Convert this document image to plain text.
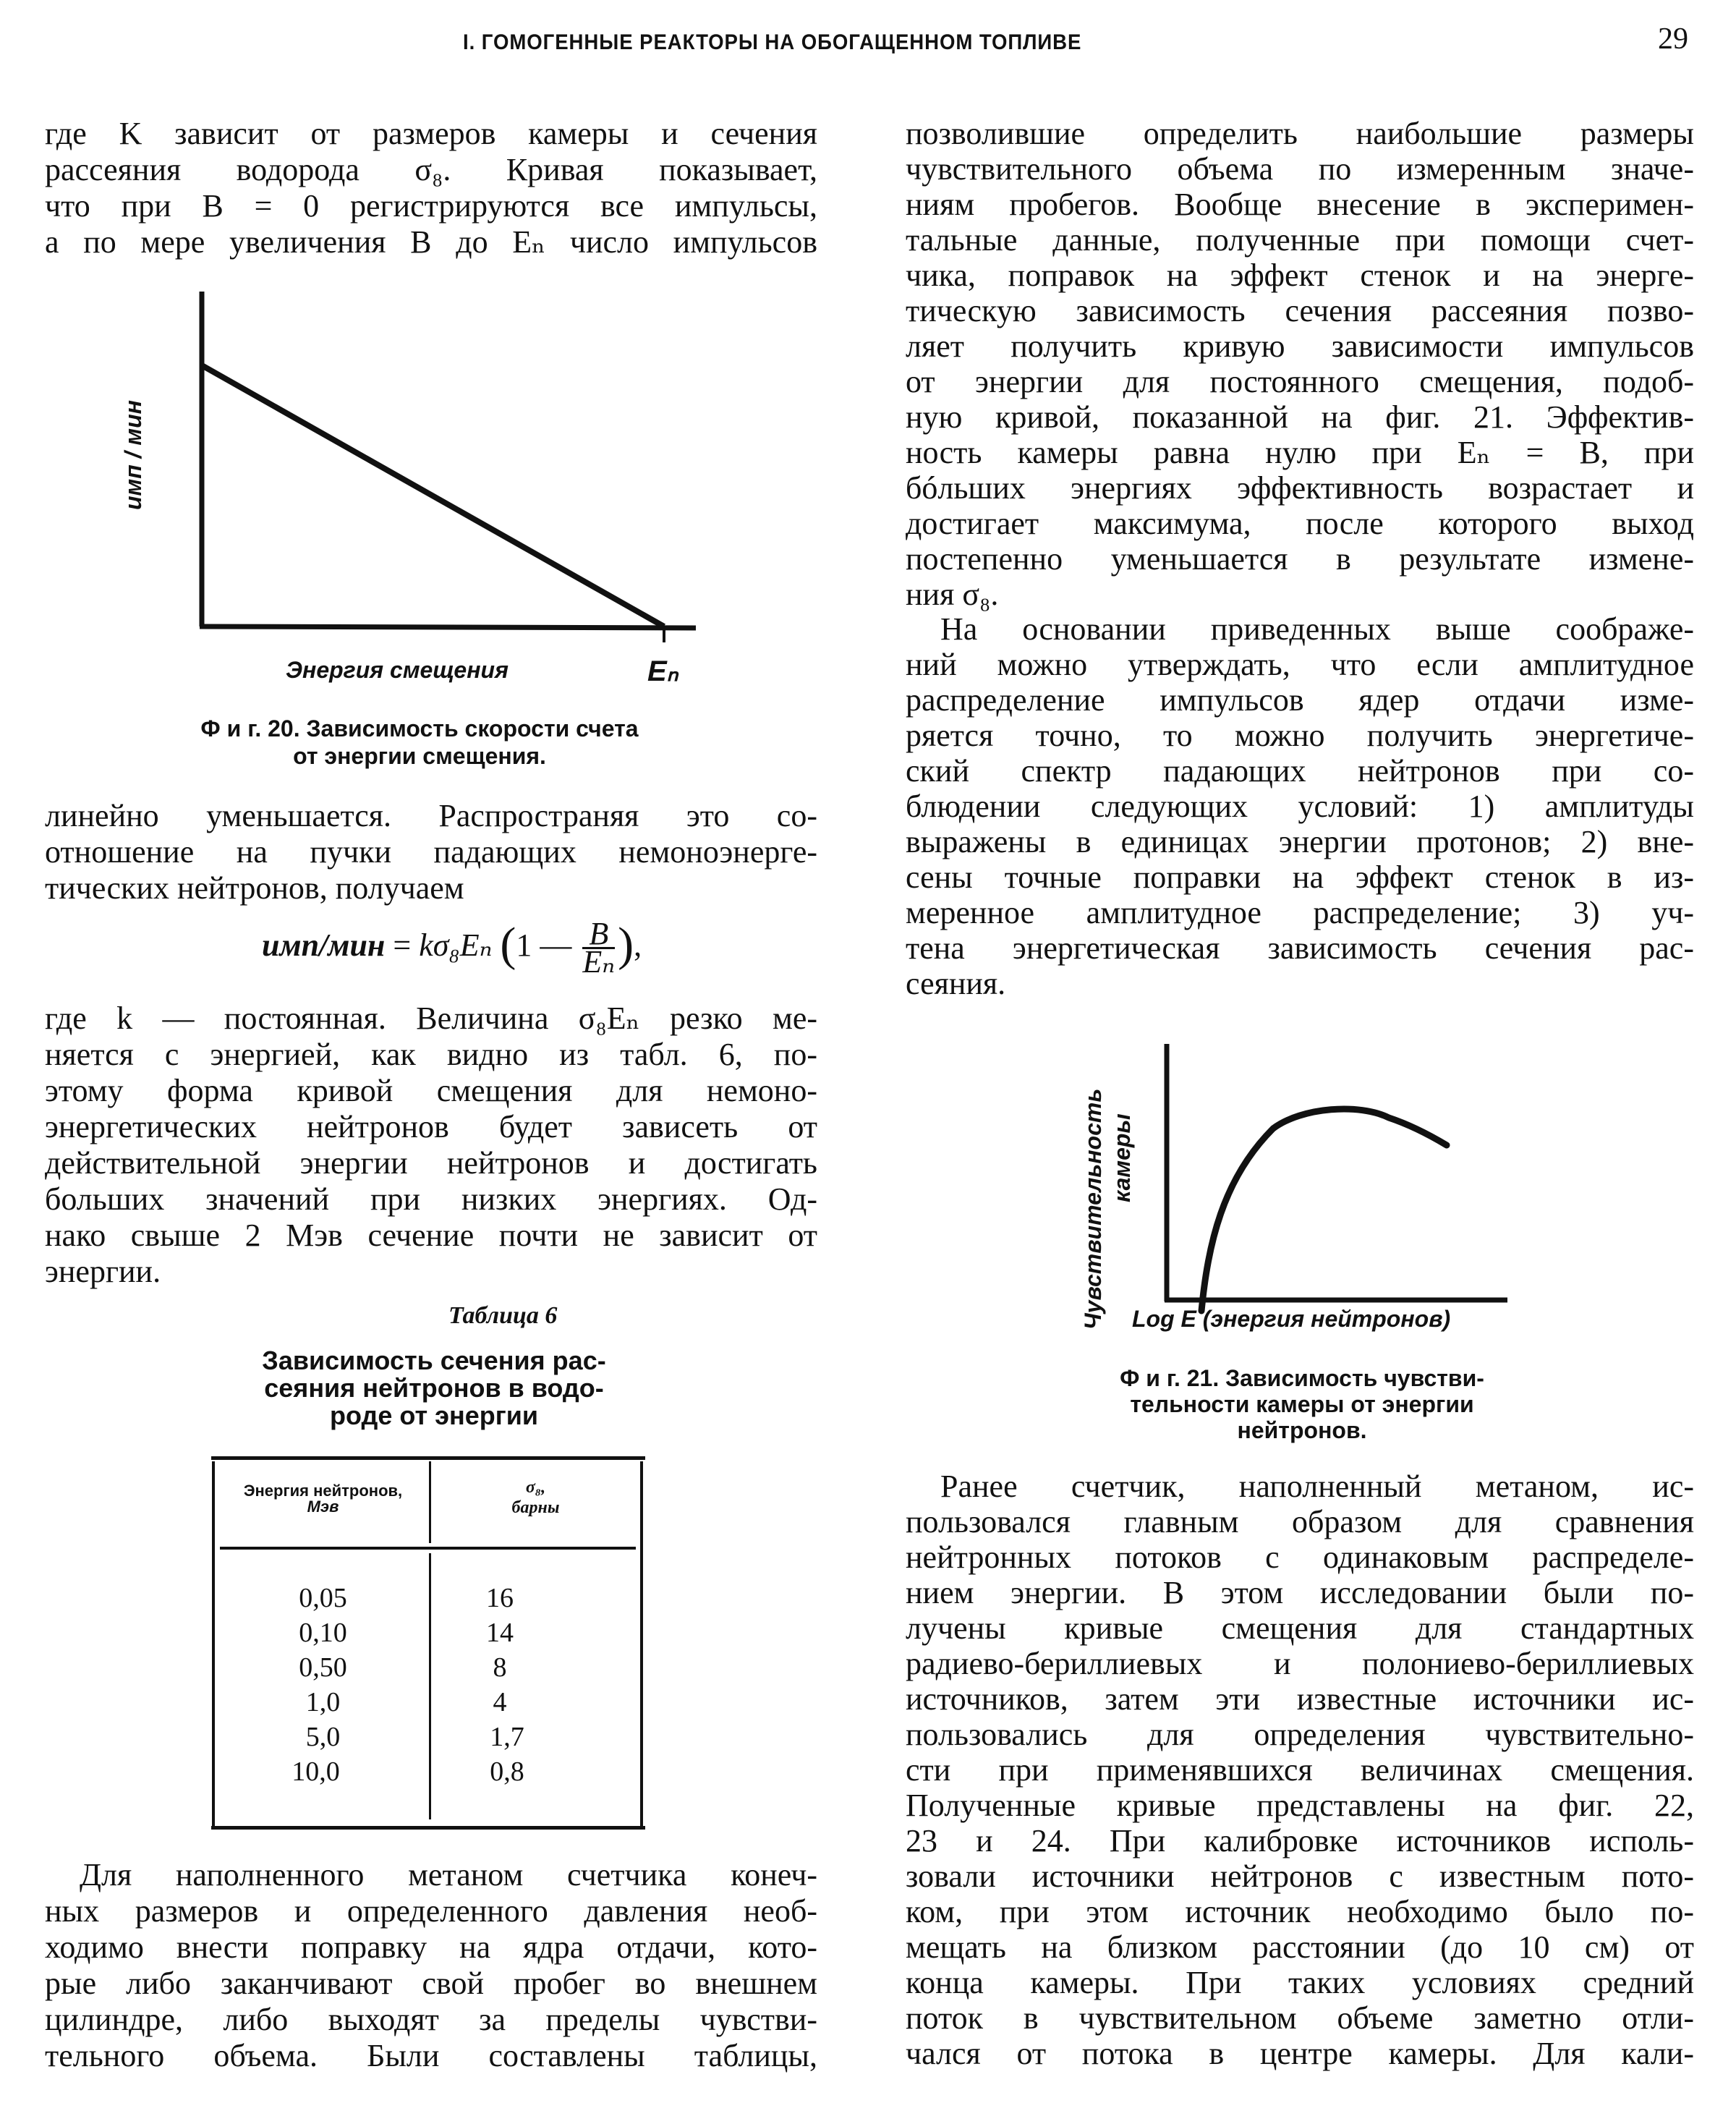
I. ГОМОГЕННЫЕ РЕАКТОРЫ НА ОБОГАЩЕННОМ ТОПЛИВЕ	29
где K зависит от размеров камеры и сечения
рассеяния водорода σ₈. Кривая показывает,
что при B = 0 регистрируются все импульсы,
а по мере увеличения B до Eₙ число импульсов
имп / мин
Энергия смещения	Eₙ
Ф и г. 20. Зависимость скорости счета
от энергии смещения.
линейно уменьшается. Распространяя это со-
отношение на пучки падающих немоноэнерге-
тических нейтронов, получаем
имп/мин = kσ₈Eₙ (1 — $\frac{B}{\text{Eₙ}}$ ),
где k — постоянная. Величина σ₈Eₙ резко ме-
няется с энергией, как видно из табл. 6, по-
этому форма кривой смещения для немоно-
энергетических нейтронов будет зависеть от
действительной энергии нейтронов и достигать
больших значений при низких энергиях. Од-
нако свыше 2 Мэв сечение почти не зависит от
энергии.
Таблица 6
Зависимость сечения рас-
сеяния нейтронов в водо-
роде от энергии
Энергия нейтронов,
Мэв
σ₈,
барны
0,05	16
0,10	14
0,50	8
1,0	4
5,0	1,7
10,0	0,8
Для наполненного метаном счетчика конеч-
ных размеров и определенного давления необ-
ходимо внести поправку на ядра отдачи, кото-
рые либо заканчивают свой пробег во внешнем
цилиндре, либо выходят за пределы чувстви-
тельного объема. Были составлены таблицы,
позволившие определить наибольшие размеры
чувствительного объема по измеренным значе-
ниям пробегов. Вообще внесение в эксперимен-
тальные данные, полученные при помощи счет-
чика, поправок на эффект стенок и на энерге-
тическую зависимость сечения рассеяния позво-
ляет получить кривую зависимости импульсов
от энергии для постоянного смещения, подоб-
ную кривой, показанной на фиг. 21. Эффектив-
ность камеры равна нулю при Eₙ = B, при
бóльших энергиях эффективность возрастает и
достигает максимума, после которого выход
постепенно уменьшается в результате измене-
ния σ₈.
На основании приведенных выше соображе-
ний можно утверждать, что если амплитудное
распределение импульсов ядер отдачи изме-
ряется точно, то можно получить энергетиче-
ский спектр падающих нейтронов при со-
блюдении следующих условий: 1) амплитуды
выражены в единицах энергии протонов; 2) вне-
сены точные поправки на эффект стенок в из-
меренное амплитудное распределение; 3) уч-
тена энергетическая зависимость сечения рас-
сеяния.
Чувствительность камеры
Log E (энергия нейтронов)
Ф и г. 21. Зависимость чувстви-
тельности камеры от энергии
нейтронов.
Ранее счетчик, наполненный метаном, ис-
пользовался главным образом для сравнения
нейтронных потоков с одинаковым распределе-
нием энергии. В этом исследовании были по-
лучены кривые смещения для стандартных
радиево-бериллиевых и полониево-бериллиевых
источников, затем эти известные источники ис-
пользовались для определения чувствительно-
сти при применявшихся величинах смещения.
Полученные кривые представлены на фиг. 22,
23 и 24. При калибровке источников исполь-
зовали источники нейтронов с известным пото-
ком, при этом источник необходимо было по-
мещать на близком расстоянии (до 10 см) от
конца камеры. При таких условиях средний
поток в чувствительном объеме заметно отли-
чался от потока в центре камеры. Для кали-
